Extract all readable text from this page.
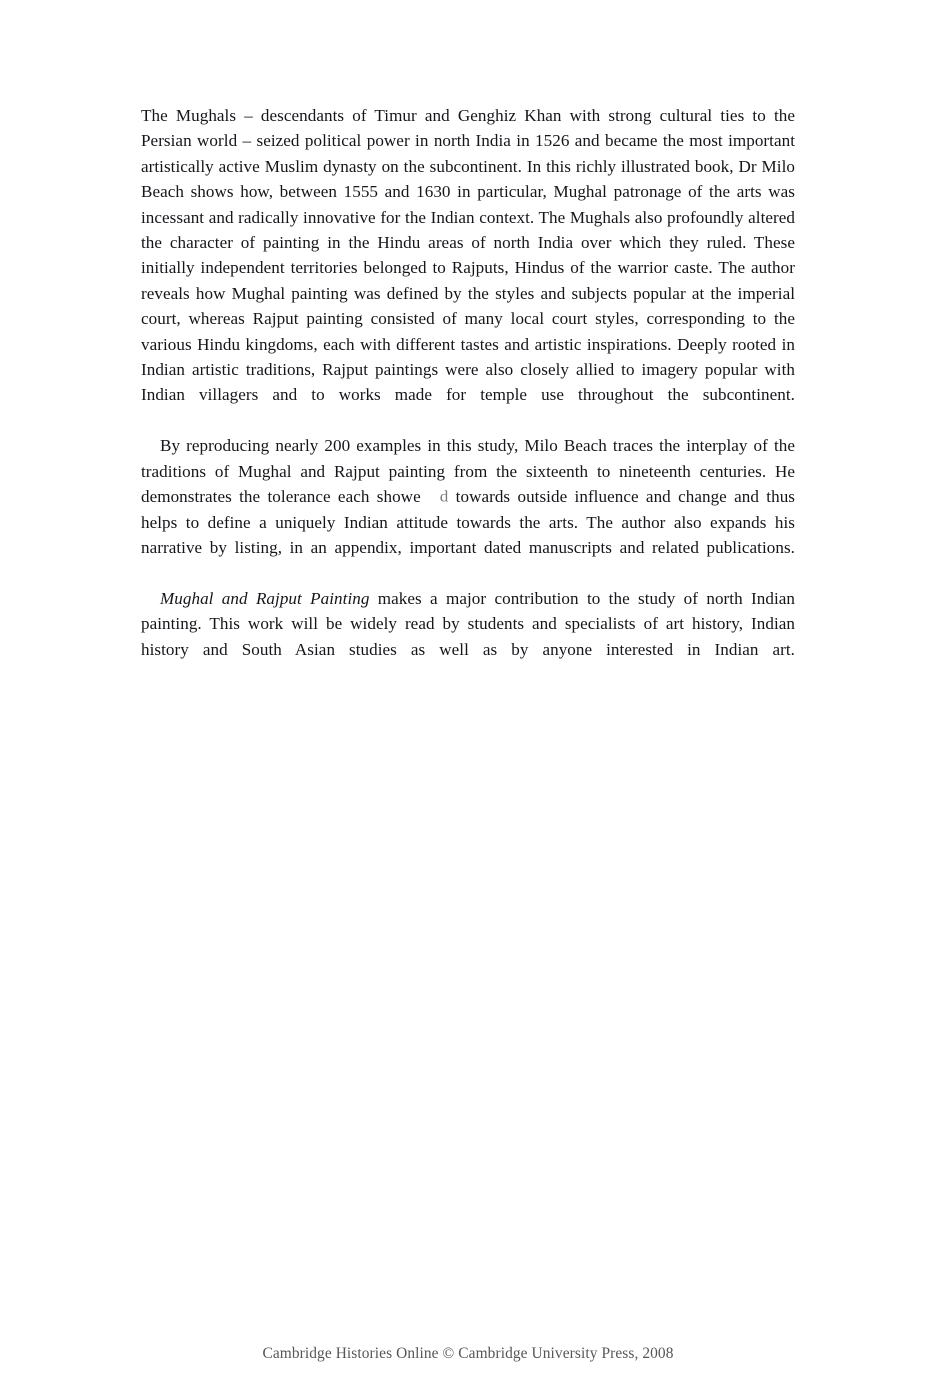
The Mughals – descendants of Timur and Genghiz Khan with strong cultural ties to the Persian world – seized political power in north India in 1526 and became the most important artistically active Muslim dynasty on the subcontinent. In this richly illustrated book, Dr Milo Beach shows how, between 1555 and 1630 in particular, Mughal patronage of the arts was incessant and radically innovative for the Indian context. The Mughals also profoundly altered the character of painting in the Hindu areas of north India over which they ruled. These initially independent territories belonged to Rajputs, Hindus of the warrior caste. The author reveals how Mughal painting was defined by the styles and subjects popular at the imperial court, whereas Rajput painting consisted of many local court styles, corresponding to the various Hindu kingdoms, each with different tastes and artistic inspirations. Deeply rooted in Indian artistic traditions, Rajput paintings were also closely allied to imagery popular with Indian villagers and to works made for temple use throughout the subcontinent.

By reproducing nearly 200 examples in this study, Milo Beach traces the interplay of the traditions of Mughal and Rajput painting from the sixteenth to nineteenth centuries. He demonstrates the tolerance each showe d towards outside influence and change and thus helps to define a uniquely Indian attitude towards the arts. The author also expands his narrative by listing, in an appendix, important dated manuscripts and related publications.

Mughal and Rajput Painting makes a major contribution to the study of north Indian painting. This work will be widely read by students and specialists of art history, Indian history and South Asian studies as well as by anyone interested in Indian art.

Cambridge Histories Online © Cambridge University Press, 2008
